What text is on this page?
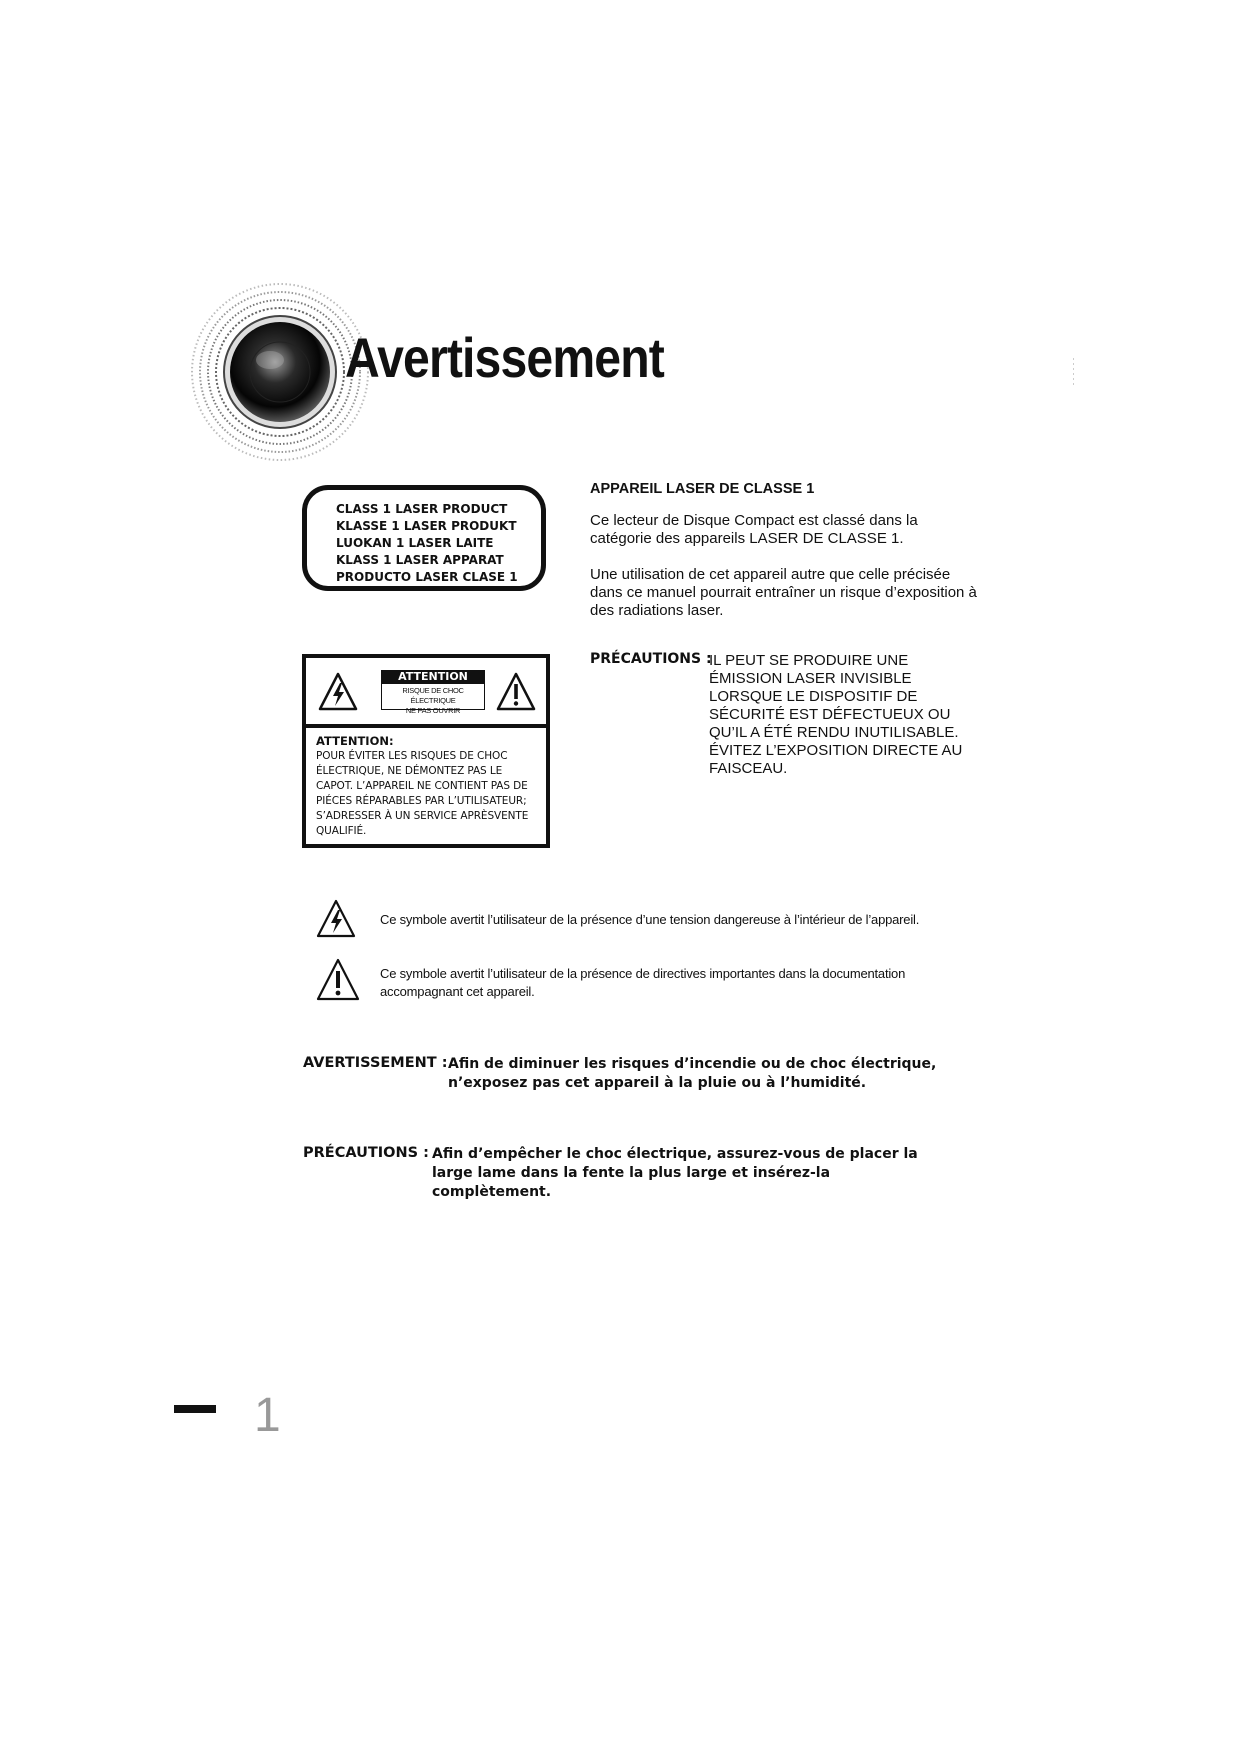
Avertissement
CLASS 1 LASER PRODUCT
KLASSE 1 LASER PRODUKT
LUOKAN 1 LASER LAITE
KLASS 1 LASER APPARAT
PRODUCTO LASER CLASE 1
APPAREIL LASER DE CLASSE 1
Ce lecteur de Disque Compact est classé dans la catégorie des appareils LASER DE CLASSE 1.
Une utilisation de cet appareil autre que celle précisée dans ce manuel pourrait entraîner un risque d’exposition à des radiations laser.
PRÉCAUTIONS :
IL PEUT SE PRODUIRE UNE ÉMISSION LASER INVISIBLE LORSQUE LE DISPOSITIF DE SÉCURITÉ EST DÉFECTUEUX OU QU’IL A ÉTÉ RENDU INUTILISABLE. ÉVITEZ L’EXPOSITION DIRECTE AU FAISCEAU.
ATTENTION
RISQUE DE CHOC ÉLECTRIQUE
NE PAS OUVRIR
ATTENTION:
POUR ÉVITER LES RISQUES DE CHOC ÉLECTRIQUE, NE DÉMONTEZ PAS LE CAPOT. L’APPAREIL NE CONTIENT PAS DE PIÉCES RÉPARABLES PAR L’UTILISATEUR; S’ADRESSER À UN SERVICE APRÈSVENTE QUALIFIÉ.
Ce symbole avertit l’utilisateur de la présence d’une tension dangereuse à l’intérieur de l’appareil.
Ce symbole avertit l’utilisateur de la présence de directives importantes dans la documentation accompagnant cet appareil.
AVERTISSEMENT : Afin de diminuer les risques d’incendie ou de choc électrique, n’exposez pas cet appareil à la pluie ou à l’humidité.
PRÉCAUTIONS : Afin d’empêcher le choc électrique, assurez-vous de placer la large lame dans la fente la plus large et insérez-la complètement.
1
